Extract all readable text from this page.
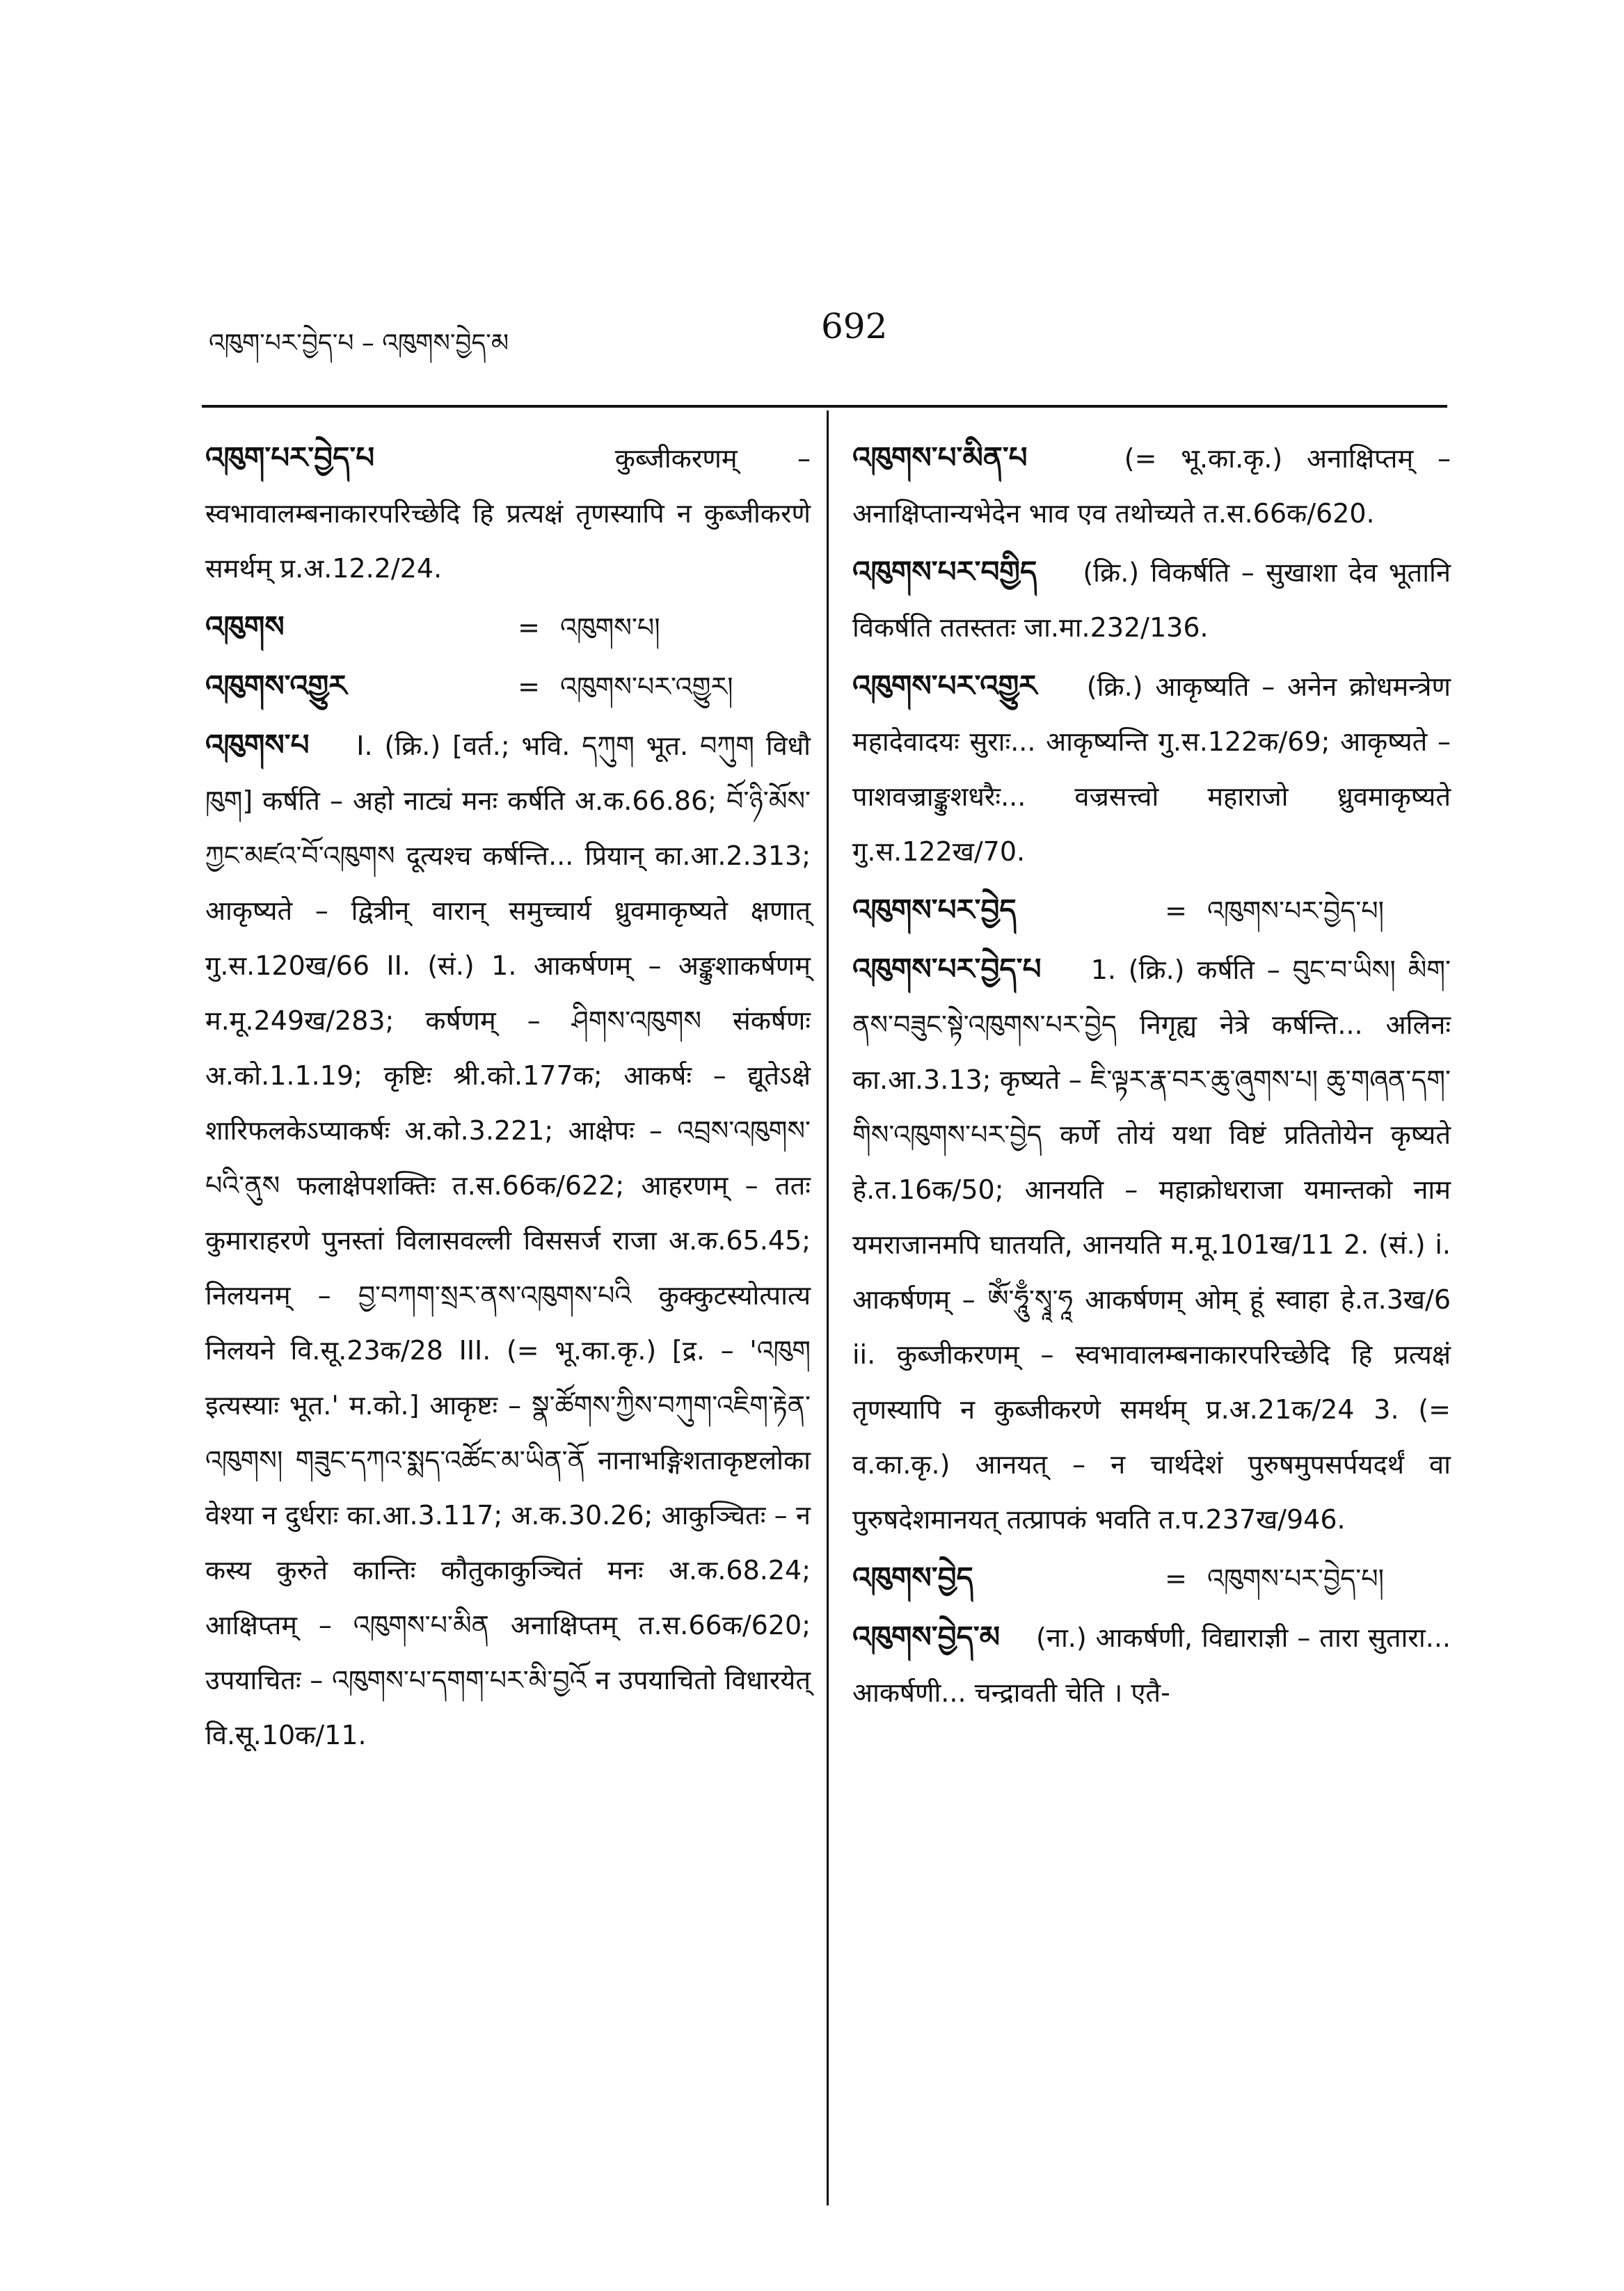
འཁུག་པར་བྱེད་པ – འཁུགས་བྱེད་མ	692

འཁུག་པར་བྱེད་པ	कुब्जीकरणम् – स्वभावालम्बनाकारपरिच्छेदि हि प्रत्यक्षं तृणस्यापि न कुब्जीकरणे समर्थम् प्र.अ.12.2/24.

འཁུགས	= འཁུགས་པ།
འཁུགས་འགྱུར	= འཁུགས་པར་འགྱུར།

འཁུགས་པ I. (क्रि.) [वर्त.; भवि. དཀུག भूत. བཀུག विधौ ཁུག] कर्षति – अहो नाट्यं मनः कर्षति अ.क.66.86; བོ་ཉི་མོས་ཀྱང་མཛའ་བོ་འཁུགས दूत्यश्च कर्षन्ति... प्रियान् का.आ.2.313; आकृष्यते – द्वित्रीन् वारान् समुच्चार्य ध्रुवमाकृष्यते क्षणात् गु.स.120ख/66 II. (सं.) 1. आकर्षणम् – अङ्कुशाकर्षणम् म.मू.249ख/283; कर्षणम् – ཤིགས་འཁུགས संकर्षणः अ.को.1.1.19; कृष्टिः श्री.को.177क; आकर्षः – द्यूतेऽक्षे शारिफलकेऽप्याकर्षः अ.को.3.221; आक्षेपः – འབྲས་འཁུགས་པའི་ནུས फलाक्षेपशक्तिः त.स.66क/622; आहरणम् – ततः कुमाराहरणे पुनस्तां विलासवल्ली विससर्ज राजा अ.क.65.45; निलयनम् – བྱ་བཀག་སྲར་ནས་འཁུགས་པའི कुक्कुटस्योत्पात्य निलयने वि.सू.23क/28 III. (= भू.का.कृ.) [द्र. – 'འཁུག इत्यस्याः भूत.' म.को.] आकृष्टः – སྣ་ཚོགས་ཀྱིས་བཀུག་འཇིག་རྟེན་འཁུགས། གཟུང་དཀའ་སྨད་འཚོང་མ་ཡིན་ནོ नानाभङ्गिशताकृष्टलोका वेश्या न दुर्धराः का.आ.3.117; अ.क.30.26; आकुञ्चितः – न कस्य कुरुते कान्तिः कौतुकाकुञ्चितं मनः अ.क.68.24; आक्षिप्तम् – འཁུགས་པ་མིན अनाक्षिप्तम् त.स.66क/620; उपयाचितः – འཁུགས་པ་དགག་པར་མི་བྱའོ न उपयाचितो विधारयेत् वि.सू.10क/11.

འཁུགས་པ་མིན་པ	(= भू.का.कृ.) अनाक्षिप्तम् – अनाक्षिप्तान्यभेदेन भाव एव तथोच्यते त.स.66क/620.

འཁུགས་པར་བགྱིད (क्रि.) विकर्षति – सुखाशा देव भूतानि विकर्षति ततस्ततः जा.मा.232/136.

འཁུགས་པར་འགྱུར (क्रि.) आकृष्यति – अनेन क्रोधमन्त्रेण महादेवादयः सुराः... आकृष्यन्ति गु.स.122क/69; आकृष्यते – पाशवज्राङ्कुशधरैः... वज्रसत्त्वो महाराजो ध्रुवमाकृष्यते गु.स.122ख/70.

འཁུགས་པར་བྱེད	= འཁུགས་པར་བྱེད་པ།

འཁུགས་པར་བྱེད་པ 1. (क्रि.) कर्षति – བུང་བ་ཡིས། མིག་ནས་བཟུང་སྟེ་འཁུགས་པར་བྱེད निगृह्य नेत्रे कर्षन्ति... अलिनः का.आ.3.13; कृष्यते – ཇི་ལྟར་རྣ་བར་ཆུ་ཞུགས་པ། ཆུ་གཞན་དག་གིས་འཁུགས་པར་བྱེད कर्णे तोयं यथा विष्टं प्रतितोयेन कृष्यते हे.त.16क/50; आनयति – महाक्रोधराजा यमान्तको नाम यमराजानमपि घातयति, आनयति म.मू.101ख/11 2. (सं.) i. आकर्षणम् – ཨོཾ་ཧཱུྃ་སྭཱ་ཧཱ आकर्षणम् ओम् हूं स्वाहा हे.त.3ख/6 ii. कुब्जीकरणम् – स्वभावालम्बनाकारपरिच्छेदि हि प्रत्यक्षं तृणस्यापि न कुब्जीकरणे समर्थम् प्र.अ.21क/24 3. (= व.का.कृ.) आनयत् – न चार्थदेशं पुरुषमुपसर्पयदर्थं वा पुरुषदेशमानयत् तत्प्रापकं भवति त.प.237ख/946.

འཁུགས་བྱེད	= འཁུགས་པར་བྱེད་པ།

འཁུགས་བྱེད་མ (ना.) आकर्षणी, विद्याराज्ञी – तारा सुतारा... आकर्षणी... चन्द्रावती चेति । एतै-
